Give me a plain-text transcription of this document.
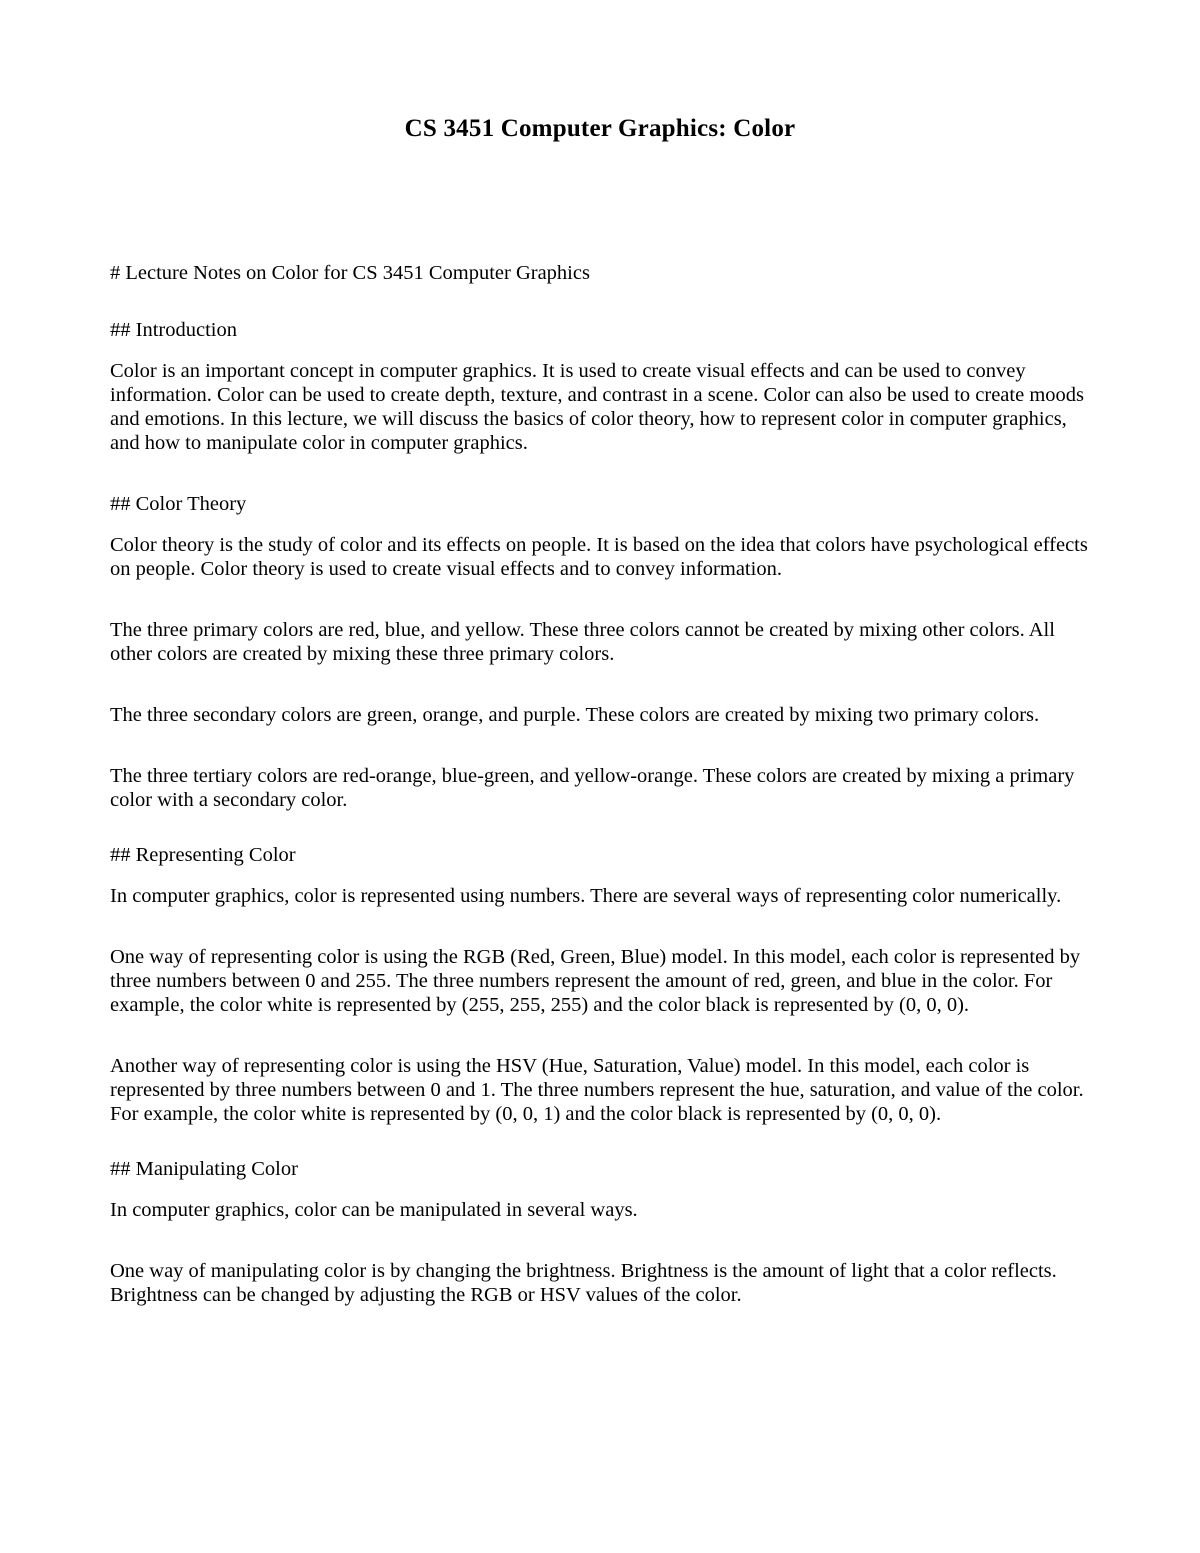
CS 3451 Computer Graphics: Color

# Lecture Notes on Color for CS 3451 Computer Graphics

## Introduction

Color is an important concept in computer graphics. It is used to create visual effects and can be used to convey information. Color can be used to create depth, texture, and contrast in a scene. Color can also be used to create moods and emotions. In this lecture, we will discuss the basics of color theory, how to represent color in computer graphics, and how to manipulate color in computer graphics.

## Color Theory

Color theory is the study of color and its effects on people. It is based on the idea that colors have psychological effects on people. Color theory is used to create visual effects and to convey information.

The three primary colors are red, blue, and yellow. These three colors cannot be created by mixing other colors. All other colors are created by mixing these three primary colors.

The three secondary colors are green, orange, and purple. These colors are created by mixing two primary colors.

The three tertiary colors are red-orange, blue-green, and yellow-orange. These colors are created by mixing a primary color with a secondary color.

## Representing Color

In computer graphics, color is represented using numbers. There are several ways of representing color numerically.

One way of representing color is using the RGB (Red, Green, Blue) model. In this model, each color is represented by three numbers between 0 and 255. The three numbers represent the amount of red, green, and blue in the color. For example, the color white is represented by (255, 255, 255) and the color black is represented by (0, 0, 0).

Another way of representing color is using the HSV (Hue, Saturation, Value) model. In this model, each color is represented by three numbers between 0 and 1. The three numbers represent the hue, saturation, and value of the color. For example, the color white is represented by (0, 0, 1) and the color black is represented by (0, 0, 0).

## Manipulating Color

In computer graphics, color can be manipulated in several ways.

One way of manipulating color is by changing the brightness. Brightness is the amount of light that a color reflects. Brightness can be changed by adjusting the RGB or HSV values of the color.
